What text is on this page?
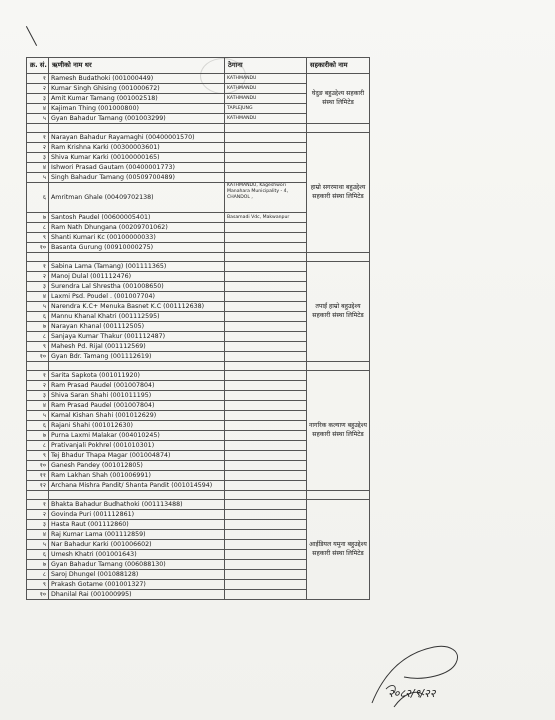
क्र. सं.	ऋणीको नाम थर	ठेगाना	सहकारीको नाम
१	Ramesh Budathoki (001000449)	KATHMANDU	घेदुङ बहुउद्देश्य सहकारी संस्था लिमिटेड
२	Kumar Singh Ghising (001000672)	KATHMANDU	
३	Amit Kumar Tamang (001002518)	KATHMANDU	
४	Kajiman Thing (001000800)	TAPLEJUNG	
५	Gyan Bahadur Tamang (001003299)	KATHMANDU	

१	Narayan Bahadur Rayamaghi (00400001570)		हाम्रो सगरमाथा बहुउद्देश्य सहकारी संस्था लिमिटेड
२	Ram Krishna Karki (00300003601)		
३	Shiva Kumar Karki (00100000165)		
४	Ishwori Prasad Gautam (00400001773)		
५	Singh Bahadur Tamang (00509700489)		
६	Amritman Ghale (00409702138)	KATHMANDU, Kageshwori Manahara Municipality - 4, CHANDOL ,	
७	Santosh Paudel (00600005401)	Basamadi Vdc, Makwanpur	
८	Ram Nath Dhungana (00209701062)		
९	Shanti Kumari Kc (00100000033)		
१०	Basanta Gurung (00910000275)		

१	Sabina Lama (Tamang) (001111365)		तपाईं हाम्रो बहुउद्देश्य सहकारी संस्था लिमिटेड
२	Manoj Dulal (001112476)		
३	Surendra Lal Shrestha (001008650)		
४	Laxmi Psd. Poudel . (001007704)		
५	Narendra K.C+ Menuka Basnet K.C (001112638)		
६	Mannu Khanal Khatri (001112595)		
७	Narayan Khanal (001112505)		
८	Sanjaya Kumar Thakur (001112487)		
९	Mahesh Pd. Rijal (001112569)		
१०	Gyan Bdr. Tamang (001112619)		

१	Sarita Sapkota (001011920)		नागरिक कल्याण बहुउद्देश्य सहकारी संस्था लिमिटेड
२	Ram Prasad Paudel (001007804)		
३	Shiva Saran Shahi (001011195)		
४	Ram Prasad Paudel (001007804)		
५	Kamal Kishan Shahi (001012629)		
६	Rajani Shahi (001012630)		
७	Purna Laxmi Malakar (004010245)		
८	Prativanjali Pokhrel (001010301)		
९	Tej Bhadur Thapa Magar (001004874)		
१०	Ganesh Pandey (001012805)		
११	Ram Lakhan Shah (001006991)		
१२	Archana Mishra Pandit/ Shanta Pandit (001014594)		

१	Bhakta Bahadur Budhathoki (001113488)		आईडियल यमुना बहुउद्देश्य सहकारी संस्था लिमिटेड
२	Govinda Puri (001112861)		
३	Hasta Raut (001112860)		
४	Raj Kumar Lama (001112859)		
५	Nar Bahadur Karki (001006602)		
६	Umesh Khatri (001001643)		
७	Gyan Bahadur Tamang (006088130)		
८	Saroj Dhungel (001088128)		
९	Prakash Gotame (001001327)		
१०	Dhanilal Rai (001000995)		
२०८२/९/२२
